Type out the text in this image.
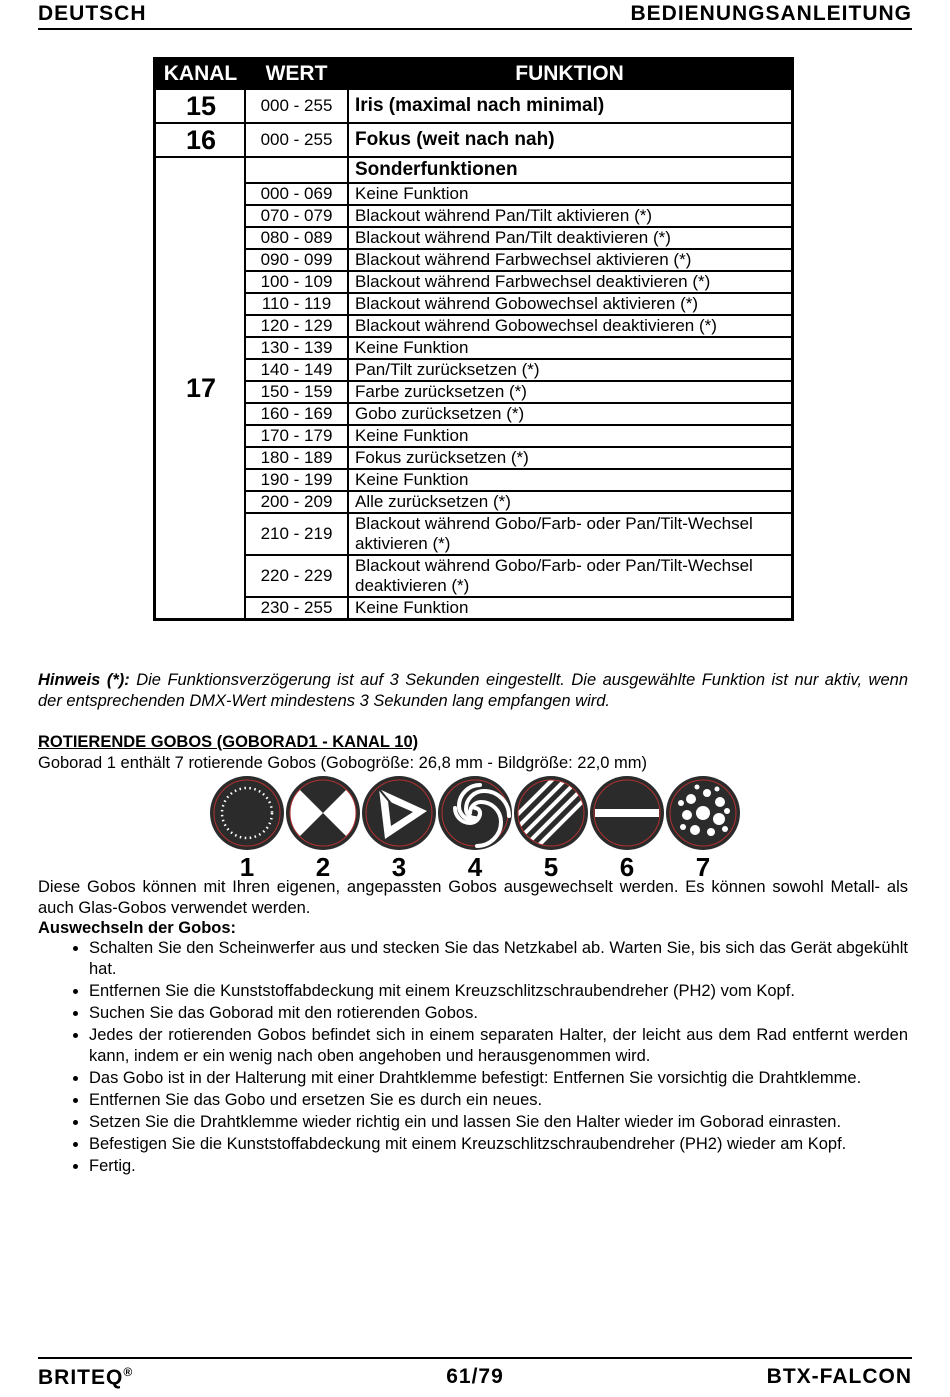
DEUTSCH	BEDIENUNGSANLEITUNG
KANAL	WERT	FUNKTION
15	000 - 255	Iris (maximal nach minimal)
16	000 - 255	Fokus (weit nach nah)
17		Sonderfunktionen
	000 - 069	Keine Funktion
	070 - 079	Blackout während Pan/Tilt aktivieren (*)
	080 - 089	Blackout während Pan/Tilt deaktivieren (*)
	090 - 099	Blackout während Farbwechsel aktivieren (*)
	100 - 109	Blackout während Farbwechsel deaktivieren (*)
	110 - 119	Blackout während Gobowechsel aktivieren (*)
	120 - 129	Blackout während Gobowechsel deaktivieren (*)
	130 - 139	Keine Funktion
	140 - 149	Pan/Tilt zurücksetzen (*)
	150 - 159	Farbe zurücksetzen (*)
	160 - 169	Gobo zurücksetzen (*)
	170 - 179	Keine Funktion
	180 - 189	Fokus zurücksetzen (*)
	190 - 199	Keine Funktion
	200 - 209	Alle zurücksetzen (*)
	210 - 219	Blackout während Gobo/Farb- oder Pan/Tilt-Wechsel aktivieren (*)
	220 - 229	Blackout während Gobo/Farb- oder Pan/Tilt-Wechsel deaktivieren (*)
	230 - 255	Keine Funktion
Hinweis (*): Die Funktionsverzögerung ist auf 3 Sekunden eingestellt. Die ausgewählte Funktion ist nur aktiv, wenn der entsprechenden DMX-Wert mindestens 3 Sekunden lang empfangen wird.
ROTIERENDE GOBOS (GOBORAD1 - KANAL 10)
Goborad 1 enthält 7 rotierende Gobos (Gobogröße: 26,8 mm - Bildgröße: 22,0 mm)
1 2 3 4 5 6 7
Diese Gobos können mit Ihren eigenen, angepassten Gobos ausgewechselt werden. Es können sowohl Metall- als auch Glas-Gobos verwendet werden.
Auswechseln der Gobos:
• Schalten Sie den Scheinwerfer aus und stecken Sie das Netzkabel ab. Warten Sie, bis sich das Gerät abgekühlt hat.
• Entfernen Sie die Kunststoffabdeckung mit einem Kreuzschlitzschraubendreher (PH2) vom Kopf.
• Suchen Sie das Goborad mit den rotierenden Gobos.
• Jedes der rotierenden Gobos befindet sich in einem separaten Halter, der leicht aus dem Rad entfernt werden kann, indem er ein wenig nach oben angehoben und herausgenommen wird.
• Das Gobo ist in der Halterung mit einer Drahtklemme befestigt: Entfernen Sie vorsichtig die Drahtklemme.
• Entfernen Sie das Gobo und ersetzen Sie es durch ein neues.
• Setzen Sie die Drahtklemme wieder richtig ein und lassen Sie den Halter wieder im Goborad einrasten.
• Befestigen Sie die Kunststoffabdeckung mit einem Kreuzschlitzschraubendreher (PH2) wieder am Kopf.
• Fertig.
BRITEQ®	61/79	BTX-FALCON
